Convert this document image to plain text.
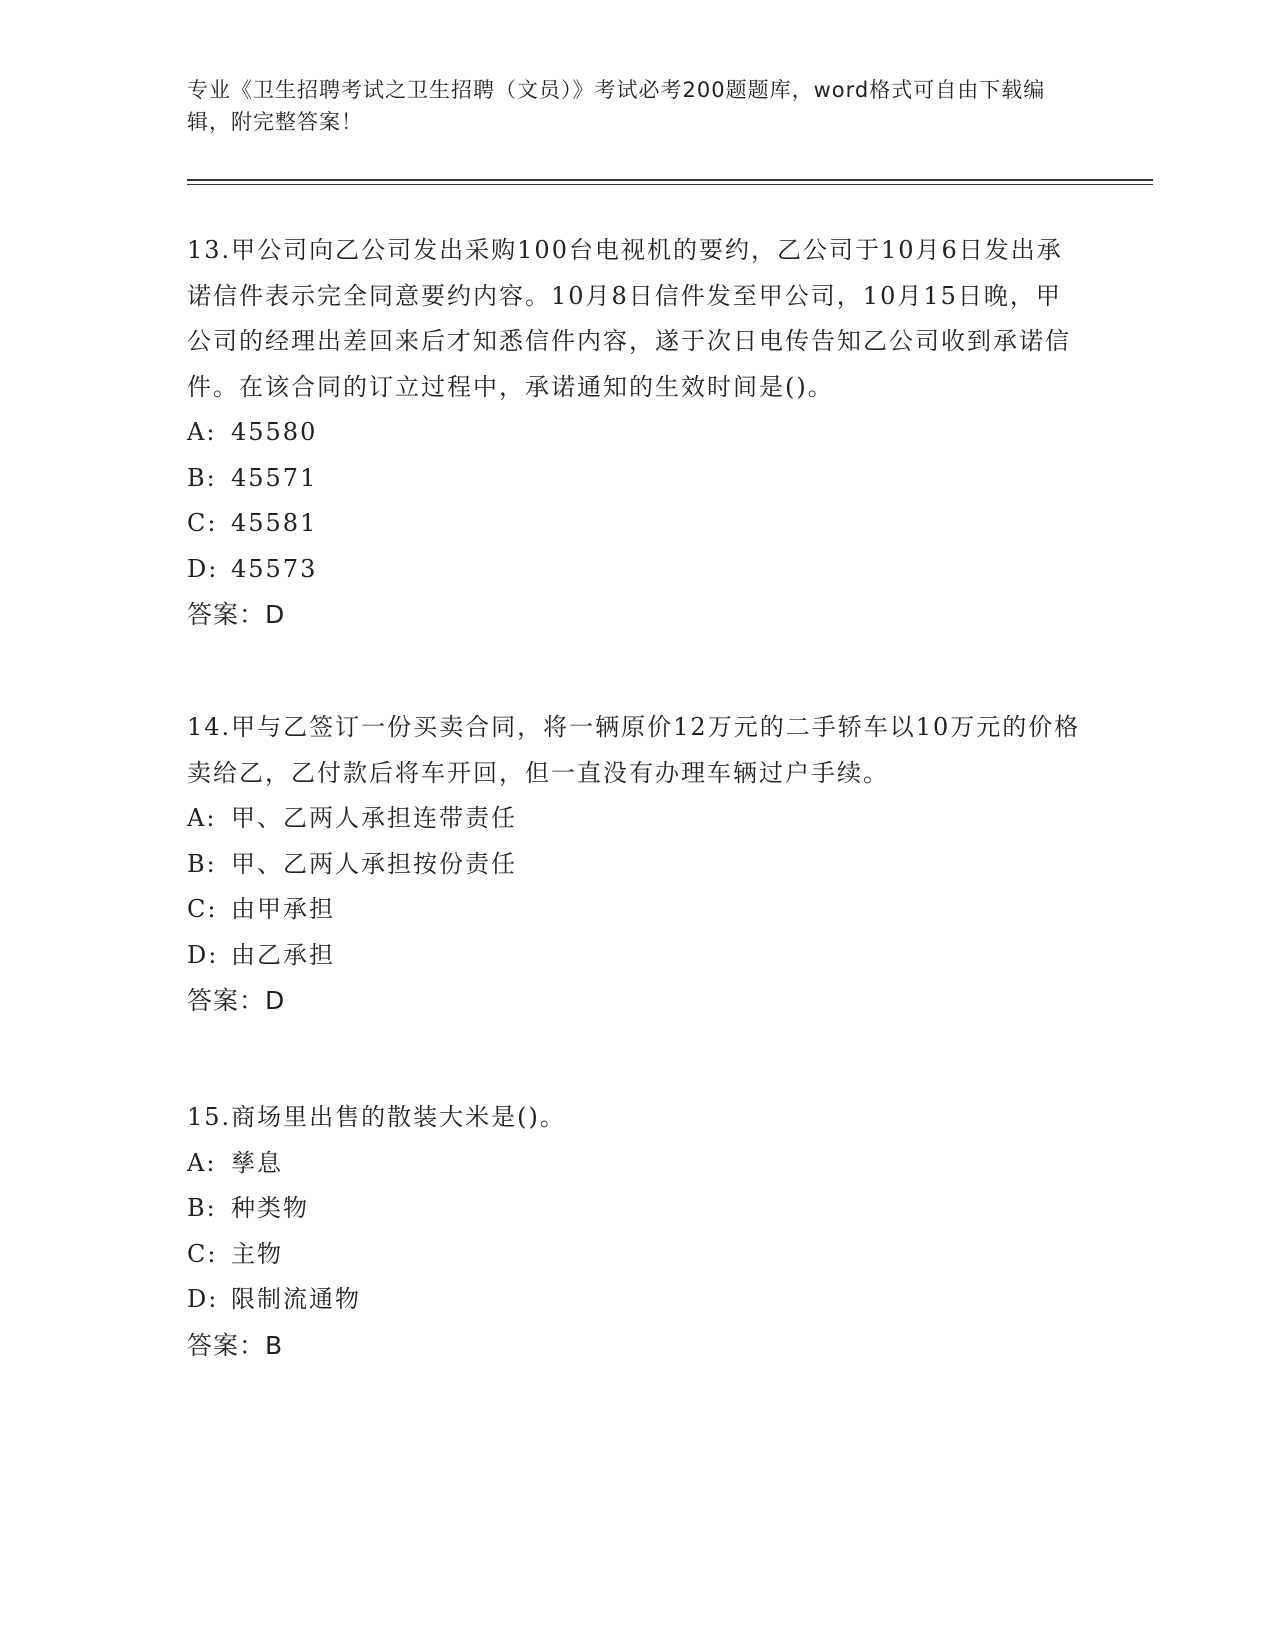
专业《卫生招聘考试之卫生招聘（文员）》考试必考200题题库，word格式可自由下载编辑，附完整答案！
13.甲公司向乙公司发出采购100台电视机的要约，乙公司于10月6日发出承诺信件表示完全同意要约内容。10月8日信件发至甲公司，10月15日晚，甲公司的经理出差回来后才知悉信件内容，遂于次日电传告知乙公司收到承诺信件。在该合同的订立过程中，承诺通知的生效时间是()。
A: 45580
B: 45571
C: 45581
D: 45573
答案：D
14.甲与乙签订一份买卖合同，将一辆原价12万元的二手轿车以10万元的价格卖给乙，乙付款后将车开回，但一直没有办理车辆过户手续。
A: 甲、乙两人承担连带责任
B: 甲、乙两人承担按份责任
C: 由甲承担
D: 由乙承担
答案：D
15.商场里出售的散装大米是()。
A: 孳息
B: 种类物
C: 主物
D: 限制流通物
答案：B
